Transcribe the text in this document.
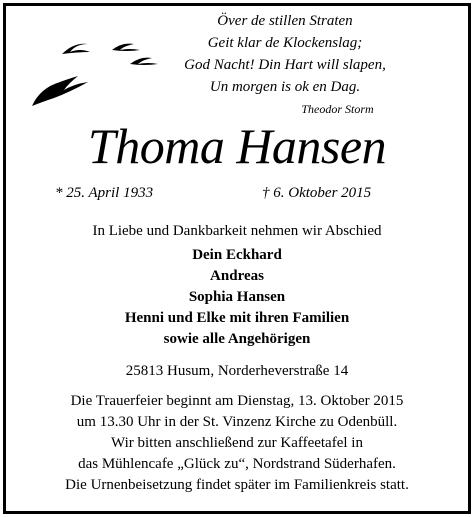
Över de stillen Straten
Geit klar de Klockenslag;
God Nacht! Din Hart will slapen,
Un morgen is ok en Dag.
Theodor Storm
Thoma Hansen
* 25. April 1933	† 6. Oktober 2015
In Liebe und Dankbarkeit nehmen wir Abschied
Dein Eckhard
Andreas
Sophia Hansen
Henni und Elke mit ihren Familien
sowie alle Angehörigen
25813 Husum, Norderheverstraße 14
Die Trauerfeier beginnt am Dienstag, 13. Oktober 2015
um 13.30 Uhr in der St. Vinzenz Kirche zu Odenbüll.
Wir bitten anschließend zur Kaffeetafel in
das Mühlencafe „Glück zu“, Nordstrand Süderhafen.
Die Urnenbeisetzung findet später im Familienkreis statt.
